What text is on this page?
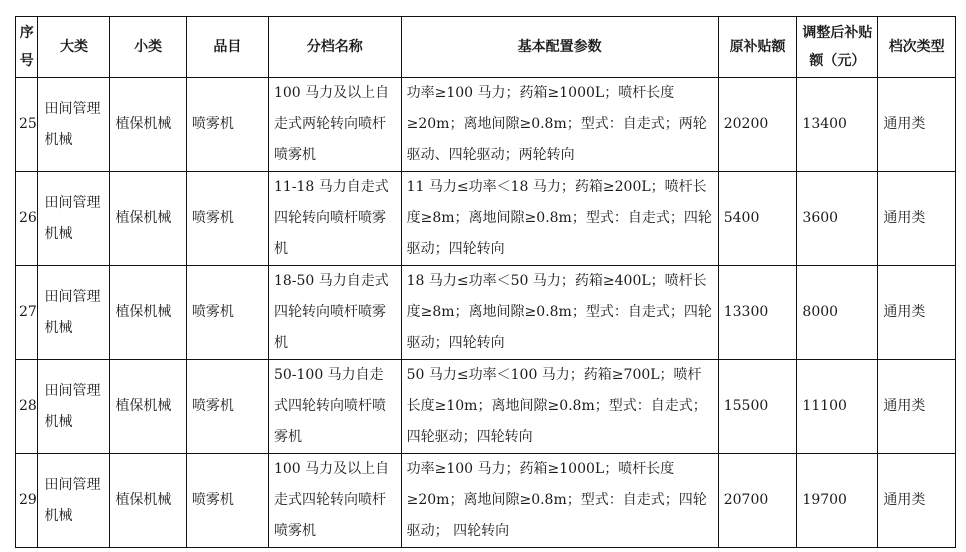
序号	大类	小类	品目	分档名称	基本配置参数	原补贴额	调整后补贴额（元）	档次类型
25	田间管理机械	植保机械	喷雾机	100 马力及以上自走式两轮转向喷杆喷雾机	功率≥100 马力；药箱≥1000L；喷杆长度≥20m；离地间隙≥0.8m；型式：自走式；两轮驱动、四轮驱动；两轮转向	20200	13400	通用类
26	田间管理机械	植保机械	喷雾机	11-18 马力自走式四轮转向喷杆喷雾机	11 马力≤功率＜18 马力；药箱≥200L；喷杆长度≥8m；离地间隙≥0.8m；型式：自走式；四轮驱动；四轮转向	5400	3600	通用类
27	田间管理机械	植保机械	喷雾机	18-50 马力自走式四轮转向喷杆喷雾机	18 马力≤功率＜50 马力；药箱≥400L；喷杆长度≥8m；离地间隙≥0.8m；型式：自走式；四轮驱动；四轮转向	13300	8000	通用类
28	田间管理机械	植保机械	喷雾机	50-100 马力自走式四轮转向喷杆喷雾机	50 马力≤功率＜100 马力；药箱≥700L；喷杆长度≥10m；离地间隙≥0.8m；型式：自走式； 四轮驱动；四轮转向	15500	11100	通用类
29	田间管理机械	植保机械	喷雾机	100 马力及以上自走式四轮转向喷杆喷雾机	功率≥100 马力；药箱≥1000L；喷杆长度≥20m；离地间隙≥0.8m；型式：自走式；四轮驱动； 四轮转向	20700	19700	通用类
